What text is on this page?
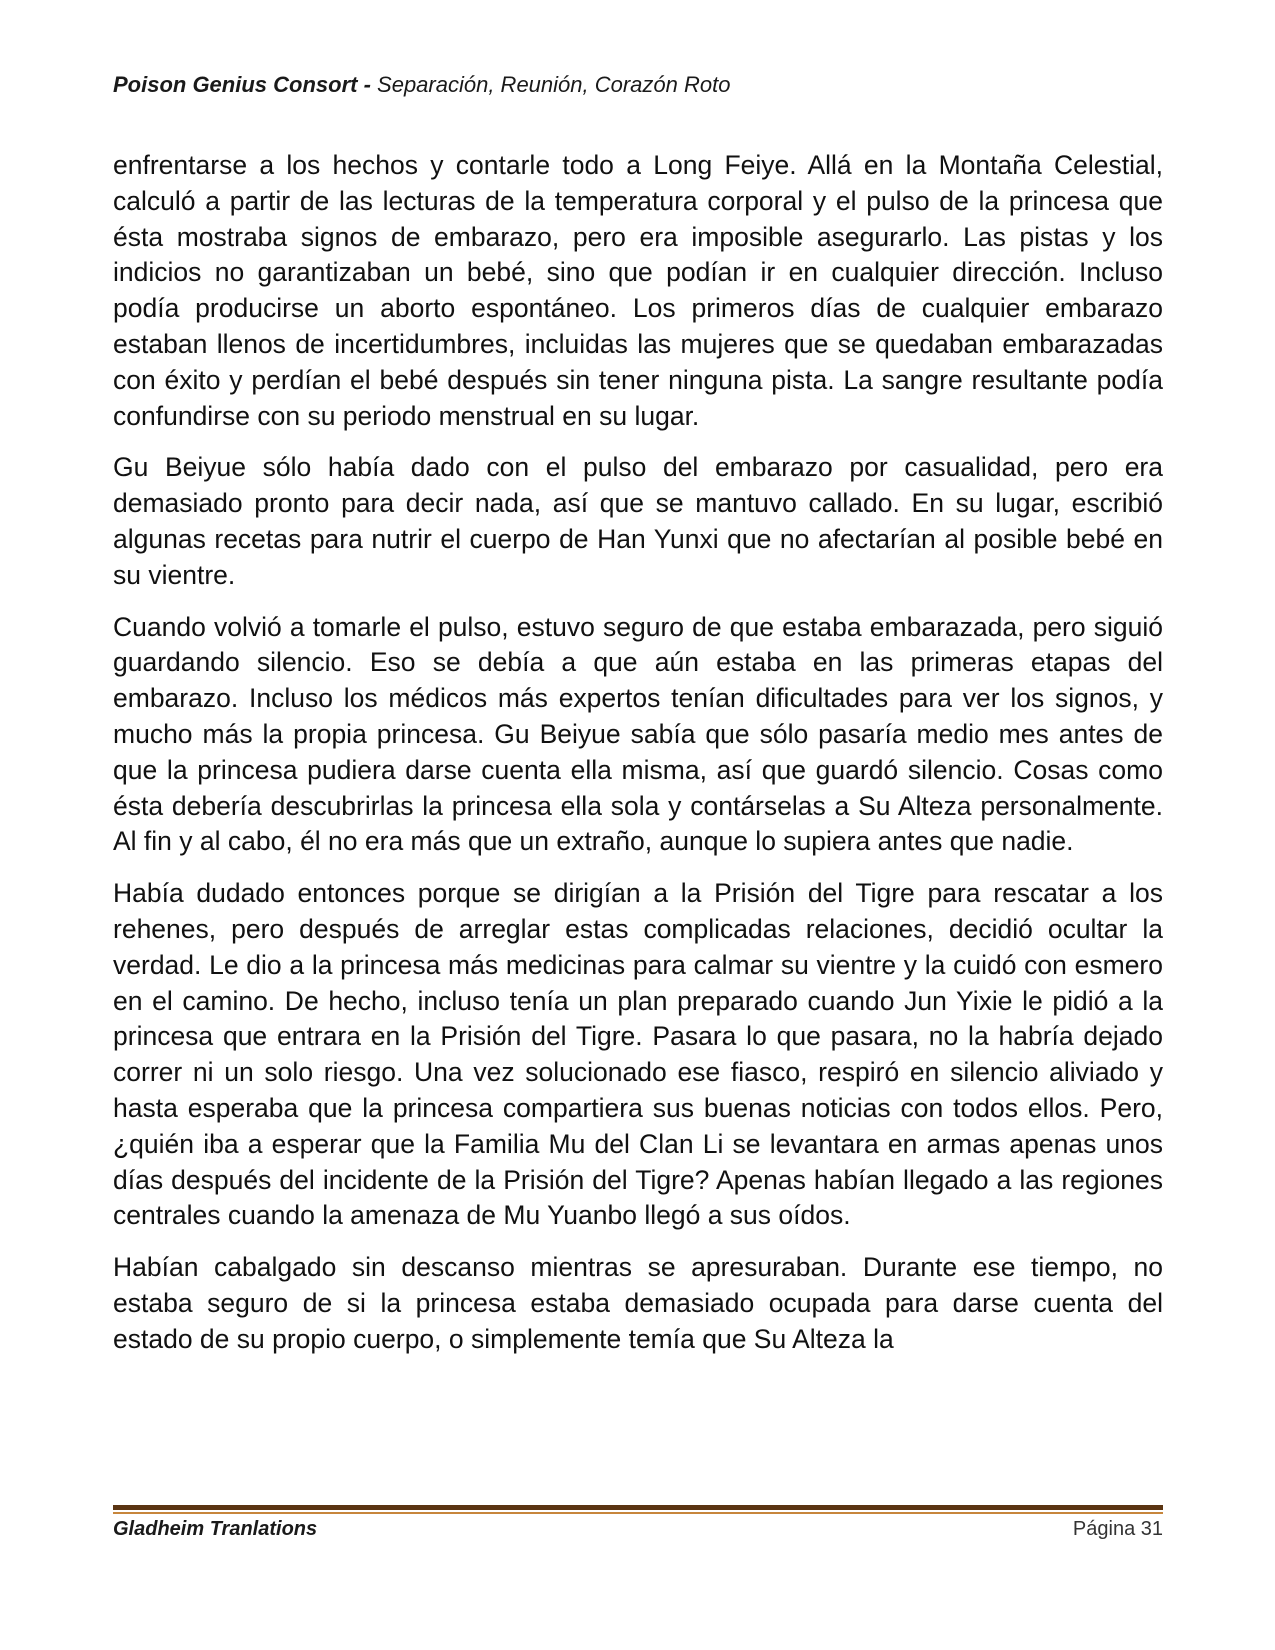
Poison Genius Consort - Separación, Reunión, Corazón Roto

enfrentarse a los hechos y contarle todo a Long Feiye. Allá en la Montaña Celestial, calculó a partir de las lecturas de la temperatura corporal y el pulso de la princesa que ésta mostraba signos de embarazo, pero era imposible asegurarlo. Las pistas y los indicios no garantizaban un bebé, sino que podían ir en cualquier dirección. Incluso podía producirse un aborto espontáneo. Los primeros días de cualquier embarazo estaban llenos de incertidumbres, incluidas las mujeres que se quedaban embarazadas con éxito y perdían el bebé después sin tener ninguna pista. La sangre resultante podía confundirse con su periodo menstrual en su lugar.

Gu Beiyue sólo había dado con el pulso del embarazo por casualidad, pero era demasiado pronto para decir nada, así que se mantuvo callado. En su lugar, escribió algunas recetas para nutrir el cuerpo de Han Yunxi que no afectarían al posible bebé en su vientre.

Cuando volvió a tomarle el pulso, estuvo seguro de que estaba embarazada, pero siguió guardando silencio. Eso se debía a que aún estaba en las primeras etapas del embarazo. Incluso los médicos más expertos tenían dificultades para ver los signos, y mucho más la propia princesa. Gu Beiyue sabía que sólo pasaría medio mes antes de que la princesa pudiera darse cuenta ella misma, así que guardó silencio. Cosas como ésta debería descubrirlas la princesa ella sola y contárselas a Su Alteza personalmente. Al fin y al cabo, él no era más que un extraño, aunque lo supiera antes que nadie.

Había dudado entonces porque se dirigían a la Prisión del Tigre para rescatar a los rehenes, pero después de arreglar estas complicadas relaciones, decidió ocultar la verdad. Le dio a la princesa más medicinas para calmar su vientre y la cuidó con esmero en el camino. De hecho, incluso tenía un plan preparado cuando Jun Yixie le pidió a la princesa que entrara en la Prisión del Tigre. Pasara lo que pasara, no la habría dejado correr ni un solo riesgo. Una vez solucionado ese fiasco, respiró en silencio aliviado y hasta esperaba que la princesa compartiera sus buenas noticias con todos ellos. Pero, ¿quién iba a esperar que la Familia Mu del Clan Li se levantara en armas apenas unos días después del incidente de la Prisión del Tigre? Apenas habían llegado a las regiones centrales cuando la amenaza de Mu Yuanbo llegó a sus oídos.

Habían cabalgado sin descanso mientras se apresuraban. Durante ese tiempo, no estaba seguro de si la princesa estaba demasiado ocupada para darse cuenta del estado de su propio cuerpo, o simplemente temía que Su Alteza la

Gladheim Tranlations	Página 31
